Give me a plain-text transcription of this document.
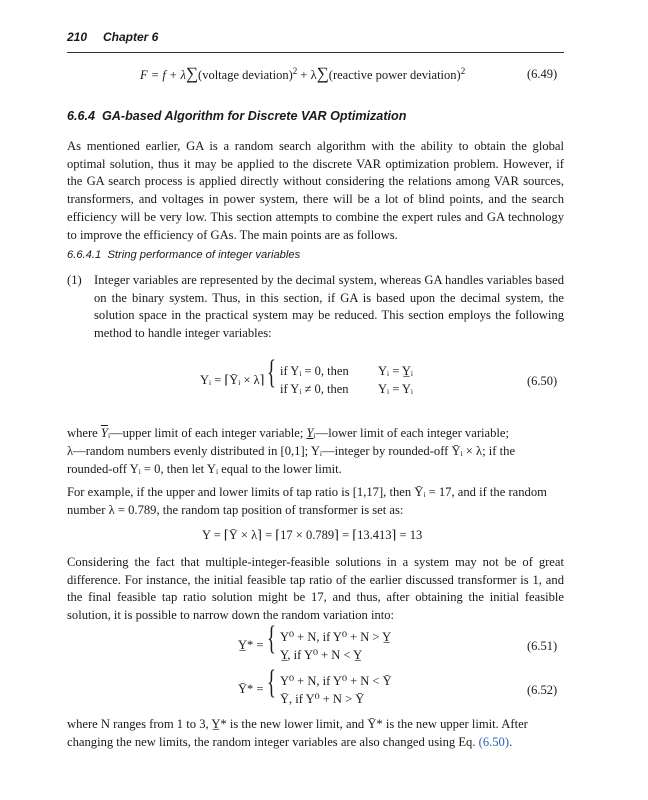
210 Chapter 6
F = f + λ∑(voltage deviation)$^2$ + λ∑(reactive power deviation)$^2$	(6.49)
6.6.4 GA-based Algorithm for Discrete VAR Optimization

As mentioned earlier, GA is a random search algorithm with the ability to obtain the global optimal solution, thus it may be applied to the discrete VAR optimization problem. However, if the GA search process is applied directly without considering the relations among VAR sources, transformers, and voltages in power system, there will be a lot of blind points, and the search efficiency will be very low. This section attempts to combine the expert rules and GA technology to improve the efficiency of GAs. The main points are as follows.

6.6.4.1 String performance of integer variables
(1) Integer variables are represented by the decimal system, whereas GA handles variables based on the binary system. Thus, in this section, if GA is based upon the decimal system, the solution space in the practical system may be reduced. This section employs the following method to handle integer variables:

Yᵢ = ⌈Ȳᵢ × λ⌉ { if Yᵢ = 0, then Yᵢ = Y̲ᵢ
if Yᵢ ≠ 0, then Yᵢ = Yᵢ
(6.50)
where $\overline{Y}ᵢ—upper$ limit of each integer variable; Yᵢ—lower limit of each integer variable;
λ—random numbers evenly distributed in [0,1]; Yᵢ—integer by rounded-off Ȳᵢ × λ; if the
rounded-off Yᵢ = 0, then let Yᵢ equal to the lower limit.
For example, if the upper and lower limits of tap ratio is [1,17], then Ȳᵢ = 17, and if the random
number λ = 0.789, the random tap position of transformer is set as:
Y = ⌈Ȳ × λ⌉ = ⌈17 × 0.789⌉ = ⌈13.413⌉ = 13

Considering the fact that multiple-integer-feasible solutions in a system may not be of great difference. For instance, the initial feasible tap ratio of the earlier discussed transformer is 1, and the final feasible tap ratio solution might be 17, and thus, after obtaining the initial feasible solution, it is possible to narrow down the random variation into:

Y̲* = { Y⁰ + N, if Y⁰ + N > Y̲
Y̲, if Y⁰ + N < Y̲
(6.51)
Ȳ* = { Y⁰ + N, if Y⁰ + N < Ȳ
Ȳ, if Y⁰ + N > Ȳ
(6.52)
where N ranges from 1 to 3, Y̲* is the new lower limit, and Ȳ* is the new upper limit. After
changing the new limits, the random integer variables are also changed using Eq. (6.50).
